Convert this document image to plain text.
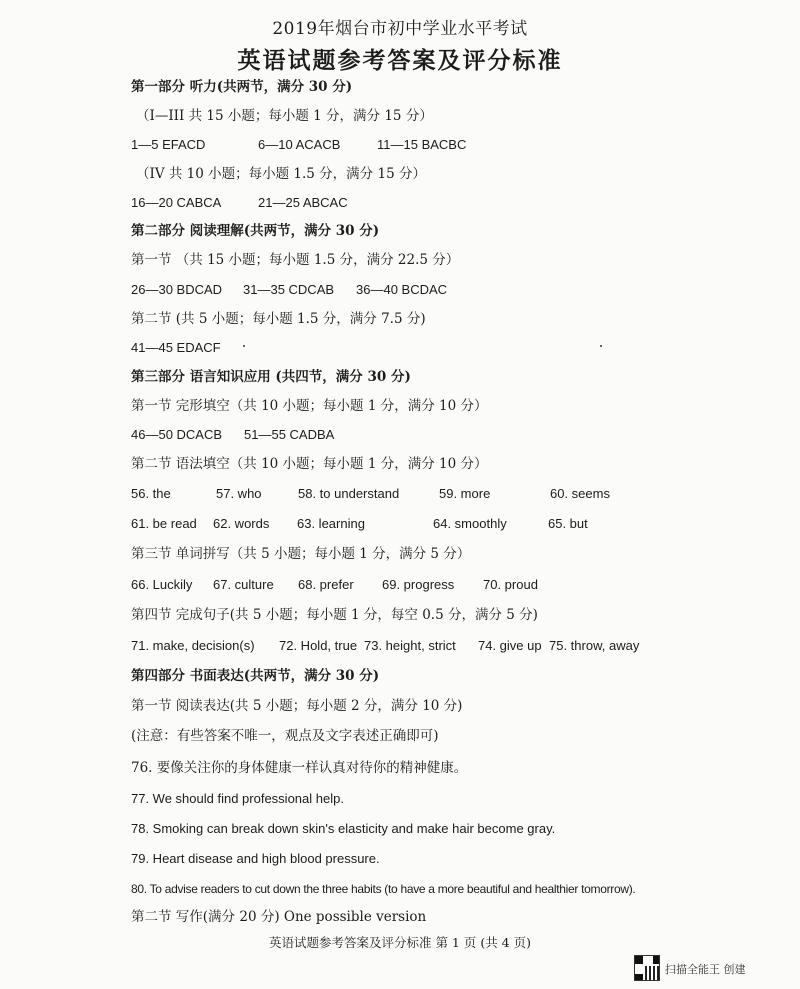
2019年烟台市初中学业水平考试
英语试题参考答案及评分标准
第一部分 听力(共两节，满分 30 分)
（I—III 共 15 小题；每小题 1 分，满分 15 分）
1—5 EFACD	6—10 ACACB	11—15 BACBC
（IV 共 10 小题；每小题 1.5 分，满分 15 分）
16—20 CABCA	21—25 ABCAC
第二部分 阅读理解(共两节，满分 30 分)
第一节 （共 15 小题；每小题 1.5 分，满分 22.5 分）
26—30 BDCAD 31—35 CDCAB 36—40 BCDAC
第二节 (共 5 小题；每小题 1.5 分，满分 7.5 分)
41—45 EDACF
第三部分 语言知识应用 (共四节，满分 30 分)
第一节 完形填空（共 10 小题；每小题 1 分，满分 10 分）
46—50 DCACB 51—55 CADBA
第二节 语法填空（共 10 小题；每小题 1 分，满分 10 分）
56. the	57. who	58. to understand	59. more	60. seems
61. be read 62. words 63. learning	64. smoothly	65. but
第三节 单词拼写（共 5 小题；每小题 1 分，满分 5 分）
66. Luckily 67. culture 68. prefer 69. progress 70. proud
第四节 完成句子(共 5 小题；每小题 1 分，每空 0.5 分，满分 5 分)
71. make, decision(s) 72. Hold, true 73. height, strict 74. give up 75. throw, away
第四部分 书面表达(共两节，满分 30 分)
第一节 阅读表达(共 5 小题；每小题 2 分，满分 10 分)
(注意：有些答案不唯一，观点及文字表述正确即可)
76. 要像关注你的身体健康一样认真对待你的精神健康。
77. We should find professional help.
78. Smoking can break down skin's elasticity and make hair become gray.
79. Heart disease and high blood pressure.
80. To advise readers to cut down the three habits (to have a more beautiful and healthier tomorrow).
第二节 写作(满分 20 分) One possible version
英语试题参考答案及评分标准 第 1 页 (共 4 页)
扫描全能王 创建
